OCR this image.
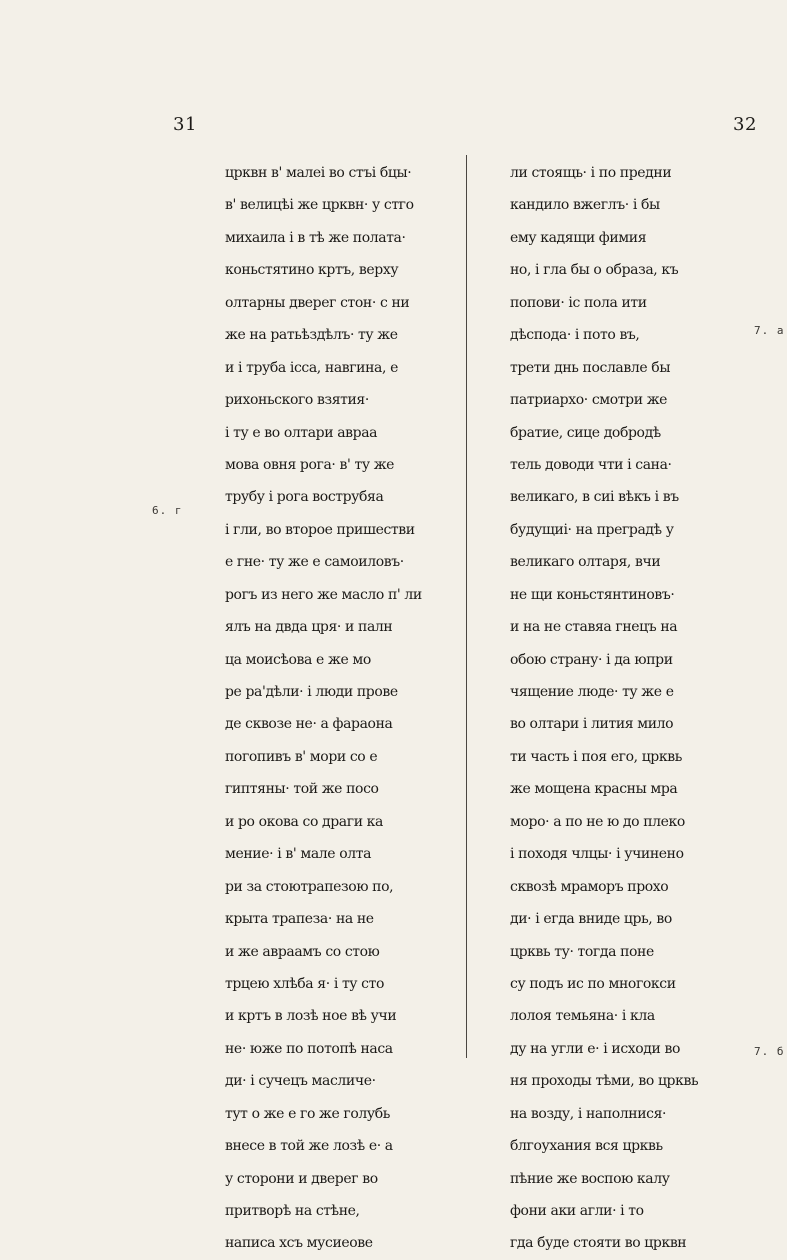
31	32
6. г
7. а
7. б
црквн в' малеі во стъі бцы·
в' велицѣі же црквн· у стго
михаила і в тѣ же полата·
коньстятино кртъ, верху
олтарны дверег стон· с ни
же на ратьѣздѣлъ· ту же
и і труба ісса, навгина, е
рихоньского взятия·
і ту е во олтари авраа
мова овня рога· в' ту же
трубу і рога вострубяа
і гли, во второе пришестви
е гне· ту же е самоиловъ·
рогъ из него же масло п' ли
ялъ на двда цря· и палн
ца моисѣова е же мо
ре ра'дѣли· і люди прове
де сквозе не· а фараона
погопивъ в' мори со е
гиптяны· той же посо
и ро окова со драги ка
мение· і в' мале олта
ри за стоютрапезою по,
крыта трапеза· на не
и же авраамъ со стою
трцею хлѣба я· і ту сто
и кртъ в лозѣ ное вѣ учи
не· юже по потопѣ наса
ди· і сучецъ масличе·
тут о же е го же голубь
внесе в той же лозѣ е· а
у сторони и дверег во
притворѣ на стѣне,
написа хсъ мусиеове
ли стоящь· і по предни
кандило вжеглъ· і бы
ему кадящи фимия
но, і гла бы о образа, къ
попови· іс пола ити
дѣспода· і пото въ,
трети днь пославле бы
патриархо· смотри же
братие, сице добродѣ
тель доводи чти і сана·
великаго, в сиі вѣкъ і въ
будущиі· на преградѣ у
великаго олтаря, вчи
не щи коньстянтиновъ·
и на не ставяа гнецъ на
обою страну· і да юпри
чящение люде· ту же е
во олтари і лития мило
ти часть і поя его, црквь
же мощена красны мра
моро· а по не ю до плеко
і походя члцы· і учинено
сквозѣ мраморъ прохо
ди· і егда вниде црь, во
црквь ту· тогда поне
су подъ ис по многокси
лолоя темьяна· і кла
ду на угли е· і исходи во
ня проходы тѣми, во црквь
на возду, і наполнися·
блгоухания вся црквь
пѣние же воспою калу
фони аки агли· і то
гда буде стояти во црквн
